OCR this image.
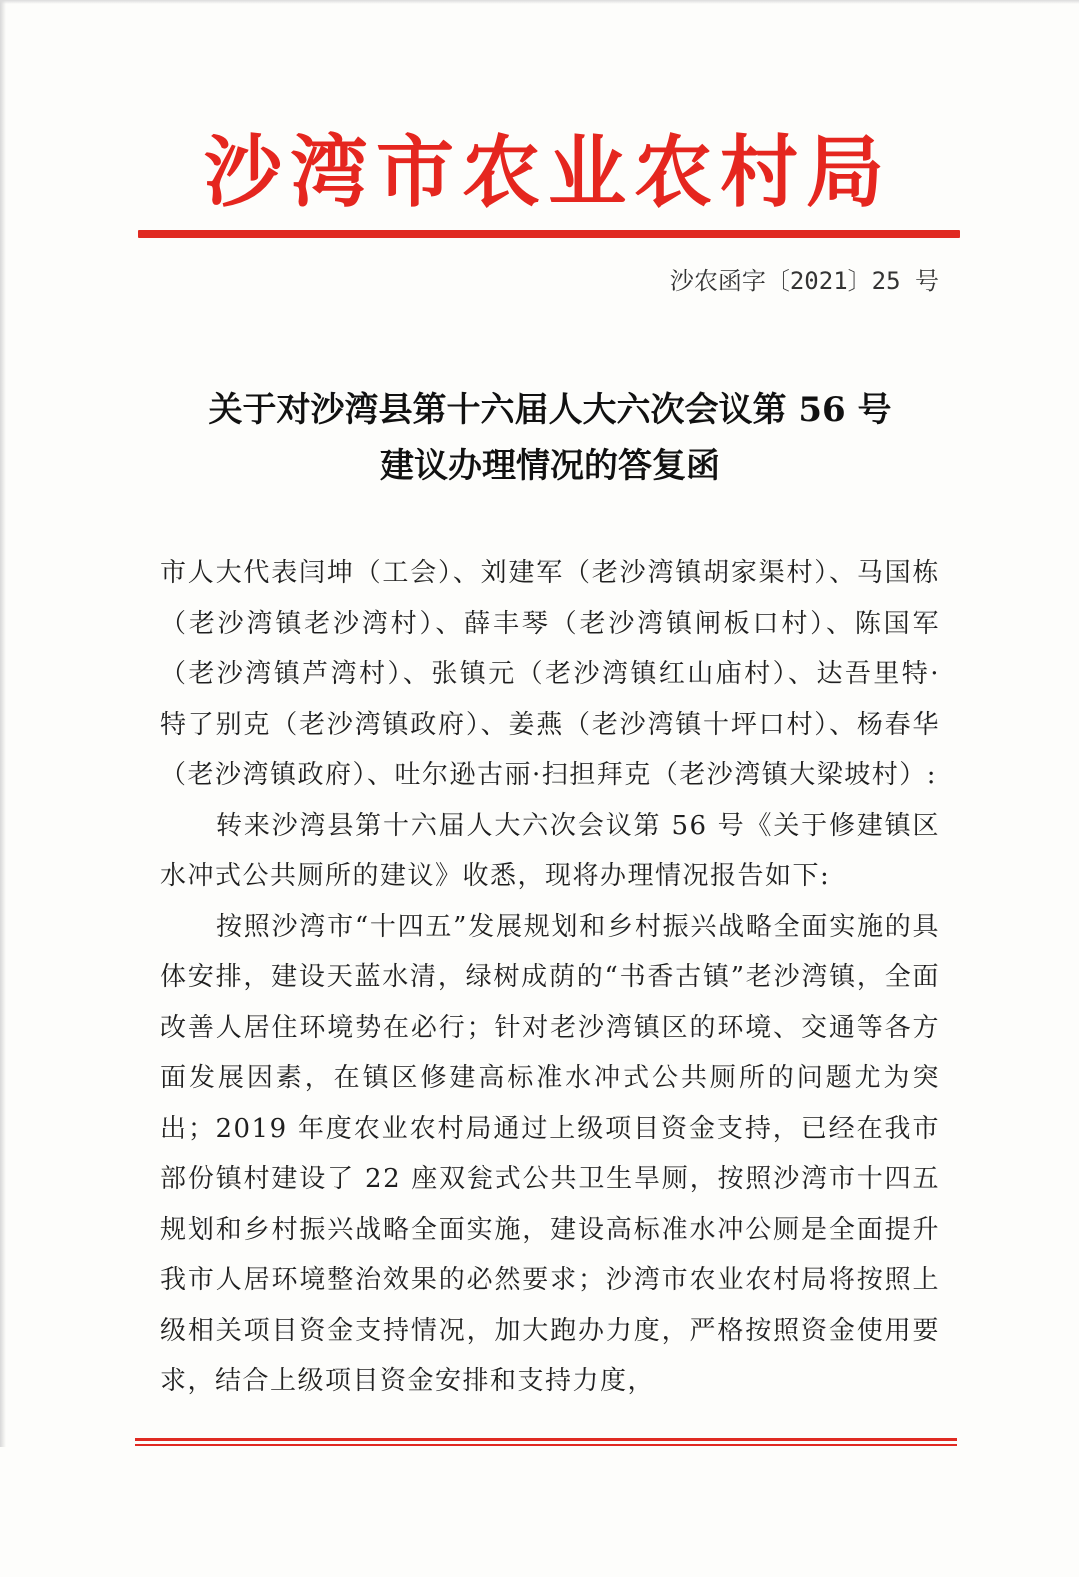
沙湾市农业农村局
沙农函字〔2021〕25 号
关于对沙湾县第十六届人大六次会议第 56 号
建议办理情况的答复函

市人大代表闫坤（工会）、刘建军（老沙湾镇胡家渠村）、马国栋（老沙湾镇老沙湾村）、薛丰琴（老沙湾镇闸板口村）、陈国军（老沙湾镇芦湾村）、张镇元（老沙湾镇红山庙村）、达吾里特·特了别克（老沙湾镇政府）、姜燕（老沙湾镇十坪口村）、杨春华（老沙湾镇政府）、吐尔逊古丽·扫担拜克（老沙湾镇大梁坡村）:

转来沙湾县第十六届人大六次会议第 56 号《关于修建镇区水冲式公共厕所的建议》收悉，现将办理情况报告如下:

按照沙湾市“十四五”发展规划和乡村振兴战略全面实施的具体安排，建设天蓝水清，绿树成荫的“书香古镇”老沙湾镇，全面改善人居住环境势在必行；针对老沙湾镇区的环境、交通等各方面发展因素，在镇区修建高标准水冲式公共厕所的问题尤为突出；2019 年度农业农村局通过上级项目资金支持，已经在我市部份镇村建设了 22 座双瓮式公共卫生旱厕，按照沙湾市十四五规划和乡村振兴战略全面实施，建设高标准水冲公厕是全面提升我市人居环境整治效果的必然要求；沙湾市农业农村局将按照上级相关项目资金支持情况，加大跑办力度，严格按照资金使用要求，结合上级项目资金安排和支持力度，
